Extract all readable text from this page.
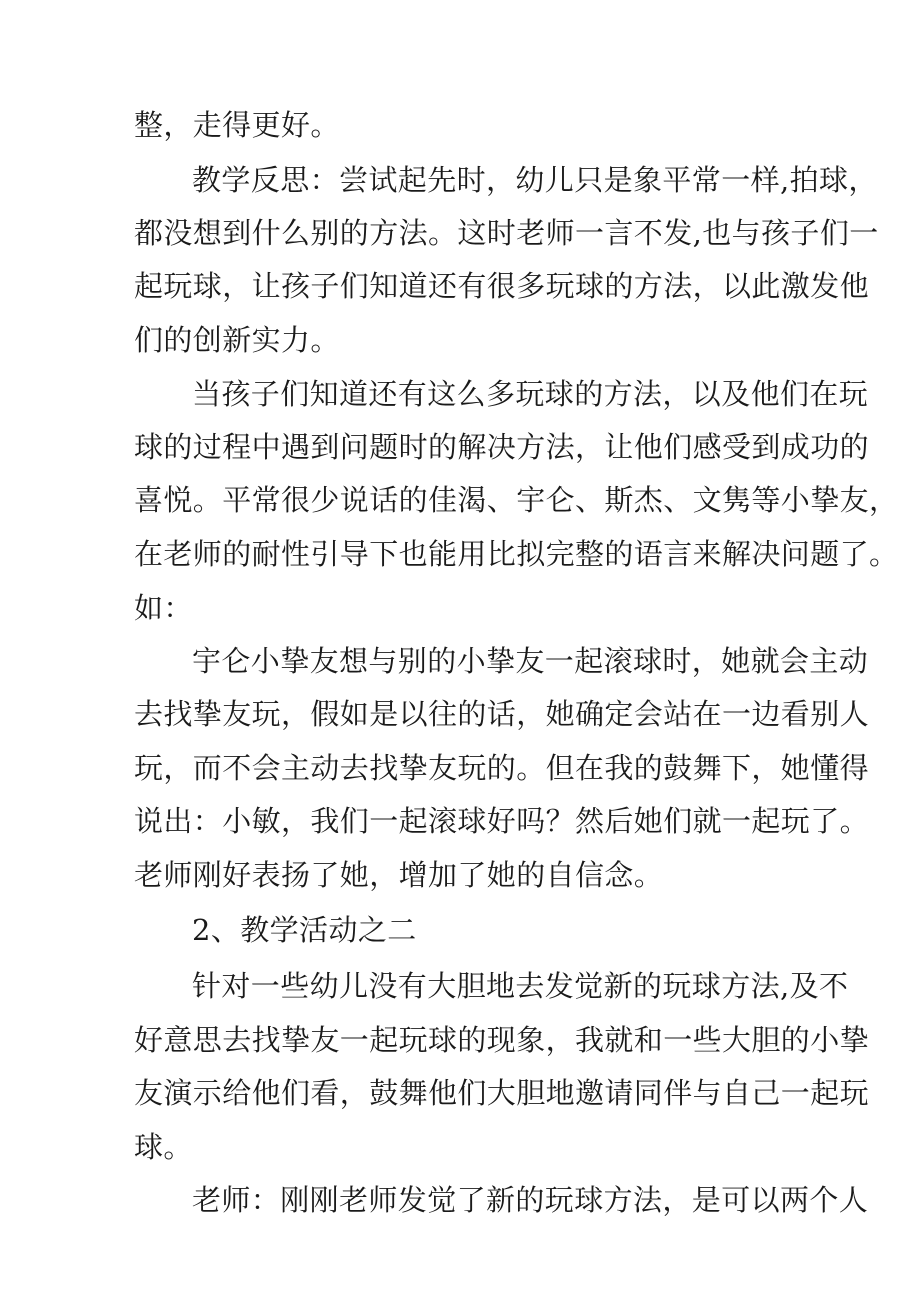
整，走得更好。
教学反思：尝试起先时，幼儿只是象平常一样,拍球，
都没想到什么别的方法。这时老师一言不发,也与孩子们一
起玩球，让孩子们知道还有很多玩球的方法，以此激发他
们的创新实力。
当孩子们知道还有这么多玩球的方法，以及他们在玩
球的过程中遇到问题时的解决方法，让他们感受到成功的
喜悦。平常很少说话的佳渴、宇仑、斯杰、文隽等小挚友，
在老师的耐性引导下也能用比拟完整的语言来解决问题了。
如：
宇仑小挚友想与别的小挚友一起滚球时，她就会主动
去找挚友玩，假如是以往的话，她确定会站在一边看别人
玩，而不会主动去找挚友玩的。但在我的鼓舞下，她懂得
说出：小敏，我们一起滚球好吗？然后她们就一起玩了。
老师刚好表扬了她，增加了她的自信念。
2、教学活动之二
针对一些幼儿没有大胆地去发觉新的玩球方法,及不
好意思去找挚友一起玩球的现象，我就和一些大胆的小挚
友演示给他们看，鼓舞他们大胆地邀请同伴与自己一起玩
球。
老师：刚刚老师发觉了新的玩球方法，是可以两个人
